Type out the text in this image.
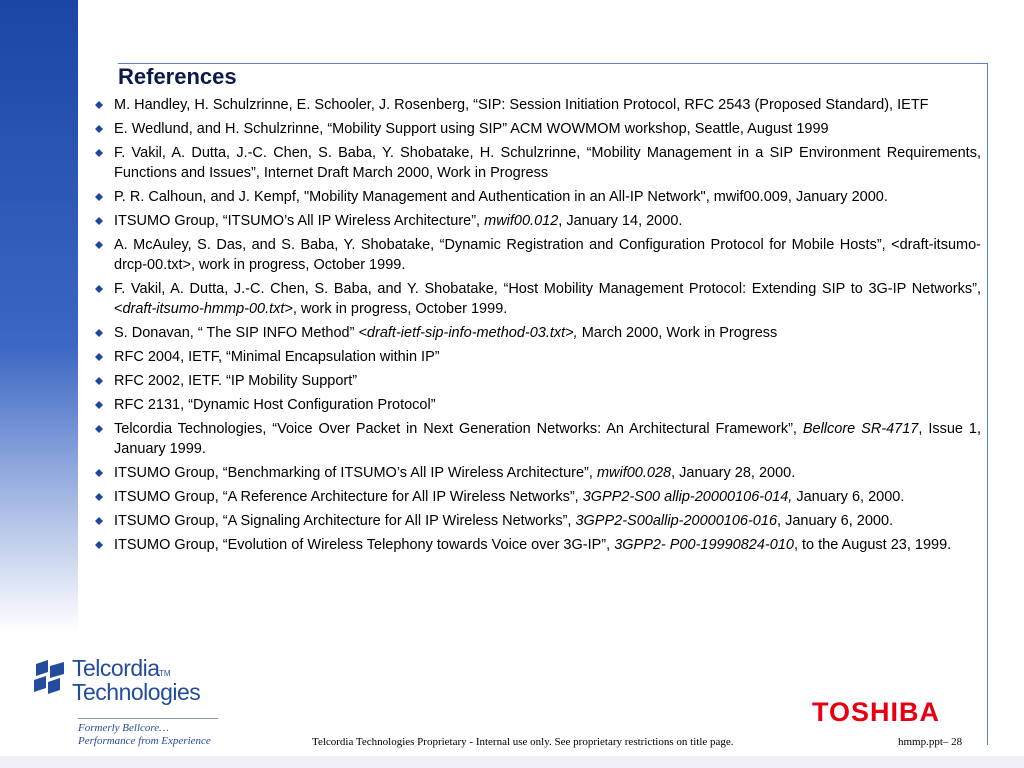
References
M. Handley, H. Schulzrinne, E. Schooler, J. Rosenberg, “SIP: Session Initiation Protocol, RFC 2543 (Proposed Standard), IETF
E. Wedlund, and H. Schulzrinne, “Mobility Support using SIP” ACM WOWMOM workshop, Seattle, August 1999
F. Vakil, A. Dutta, J.-C. Chen, S. Baba, Y. Shobatake, H. Schulzrinne, “Mobility Management in a SIP Environment Requirements, Functions and Issues”, Internet Draft March 2000, Work in Progress
P. R. Calhoun, and J. Kempf, "Mobility Management and Authentication in an All-IP Network", mwif00.009, January 2000.
ITSUMO Group, “ITSUMO’s All IP Wireless Architecture”, mwif00.012, January 14, 2000.
A. McAuley, S. Das, and S. Baba, Y. Shobatake, “Dynamic Registration and Configuration Protocol for Mobile Hosts”, <draft-itsumo-drcp-00.txt>, work in progress, October 1999.
F. Vakil, A. Dutta, J.-C. Chen, S. Baba, and Y. Shobatake, “Host Mobility Management Protocol: Extending SIP to 3G-IP Networks”, <draft-itsumo-hmmp-00.txt>, work in progress, October 1999.
S. Donavan, “ The SIP INFO Method” <draft-ietf-sip-info-method-03.txt>, March 2000, Work in Progress
RFC 2004, IETF, “Minimal Encapsulation within IP”
RFC 2002, IETF. “IP Mobility Support”
RFC 2131, “Dynamic Host Configuration Protocol”
Telcordia Technologies, “Voice Over Packet in Next Generation Networks: An Architectural Framework”, Bellcore SR-4717, Issue 1, January 1999.
ITSUMO Group, “Benchmarking of ITSUMO’s All IP Wireless Architecture”, mwif00.028, January 28, 2000.
ITSUMO Group, “A Reference Architecture for All IP Wireless Networks”, 3GPP2-S00 allip-20000106-014, January 6, 2000.
ITSUMO Group, “A Signaling Architecture for All IP Wireless Networks”, 3GPP2-S00allip-20000106-016, January 6, 2000.
ITSUMO Group, “Evolution of Wireless Telephony towards Voice over 3G-IP”, 3GPP2- P00-19990824-010, to the August 23, 1999.
Telcordia TM
Technologies
Formerly Bellcore…
Performance from Experience	Telcordia Technologies Proprietary - Internal use only. See proprietary restrictions on title page.	hmmp.ppt– 28
TOSHIBA
